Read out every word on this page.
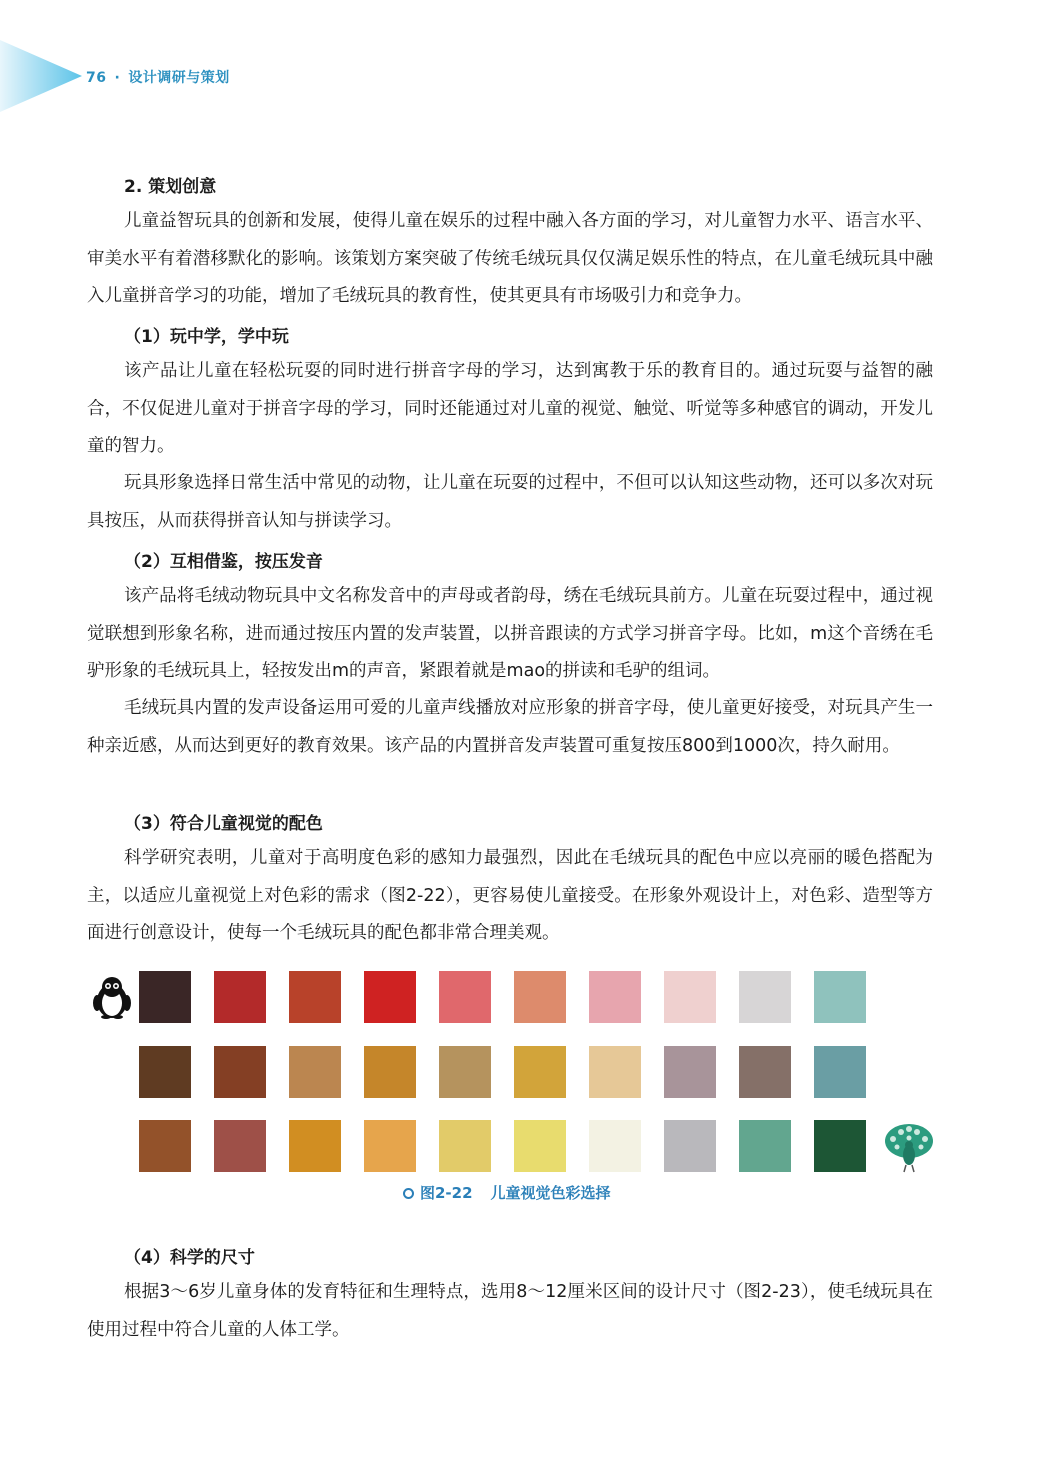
76 · 设计调研与策划
2. 策划创意
儿童益智玩具的创新和发展，使得儿童在娱乐的过程中融入各方面的学习，对儿童智力水平、语言水平、审美水平有着潜移默化的影响。该策划方案突破了传统毛绒玩具仅仅满足娱乐性的特点，在儿童毛绒玩具中融入儿童拼音学习的功能，增加了毛绒玩具的教育性，使其更具有市场吸引力和竞争力。
（1）玩中学，学中玩
该产品让儿童在轻松玩耍的同时进行拼音字母的学习，达到寓教于乐的教育目的。通过玩耍与益智的融合，不仅促进儿童对于拼音字母的学习，同时还能通过对儿童的视觉、触觉、听觉等多种感官的调动，开发儿童的智力。
玩具形象选择日常生活中常见的动物，让儿童在玩耍的过程中，不但可以认知这些动物，还可以多次对玩具按压，从而获得拼音认知与拼读学习。
（2）互相借鉴，按压发音
该产品将毛绒动物玩具中文名称发音中的声母或者韵母，绣在毛绒玩具前方。儿童在玩耍过程中，通过视觉联想到形象名称，进而通过按压内置的发声装置，以拼音跟读的方式学习拼音字母。比如，m这个音绣在毛驴形象的毛绒玩具上，轻按发出m的声音，紧跟着就是mao的拼读和毛驴的组词。
毛绒玩具内置的发声设备运用可爱的儿童声线播放对应形象的拼音字母，使儿童更好接受，对玩具产生一种亲近感，从而达到更好的教育效果。该产品的内置拼音发声装置可重复按压800到1000次，持久耐用。
（3）符合儿童视觉的配色
科学研究表明，儿童对于高明度色彩的感知力最强烈，因此在毛绒玩具的配色中应以亮丽的暖色搭配为主，以适应儿童视觉上对色彩的需求（图2-22），更容易使儿童接受。在形象外观设计上，对色彩、造型等方面进行创意设计，使每一个毛绒玩具的配色都非常合理美观。
图2-22 儿童视觉色彩选择
（4）科学的尺寸
根据3～6岁儿童身体的发育特征和生理特点，选用8～12厘米区间的设计尺寸（图2-23），使毛绒玩具在使用过程中符合儿童的人体工学。
